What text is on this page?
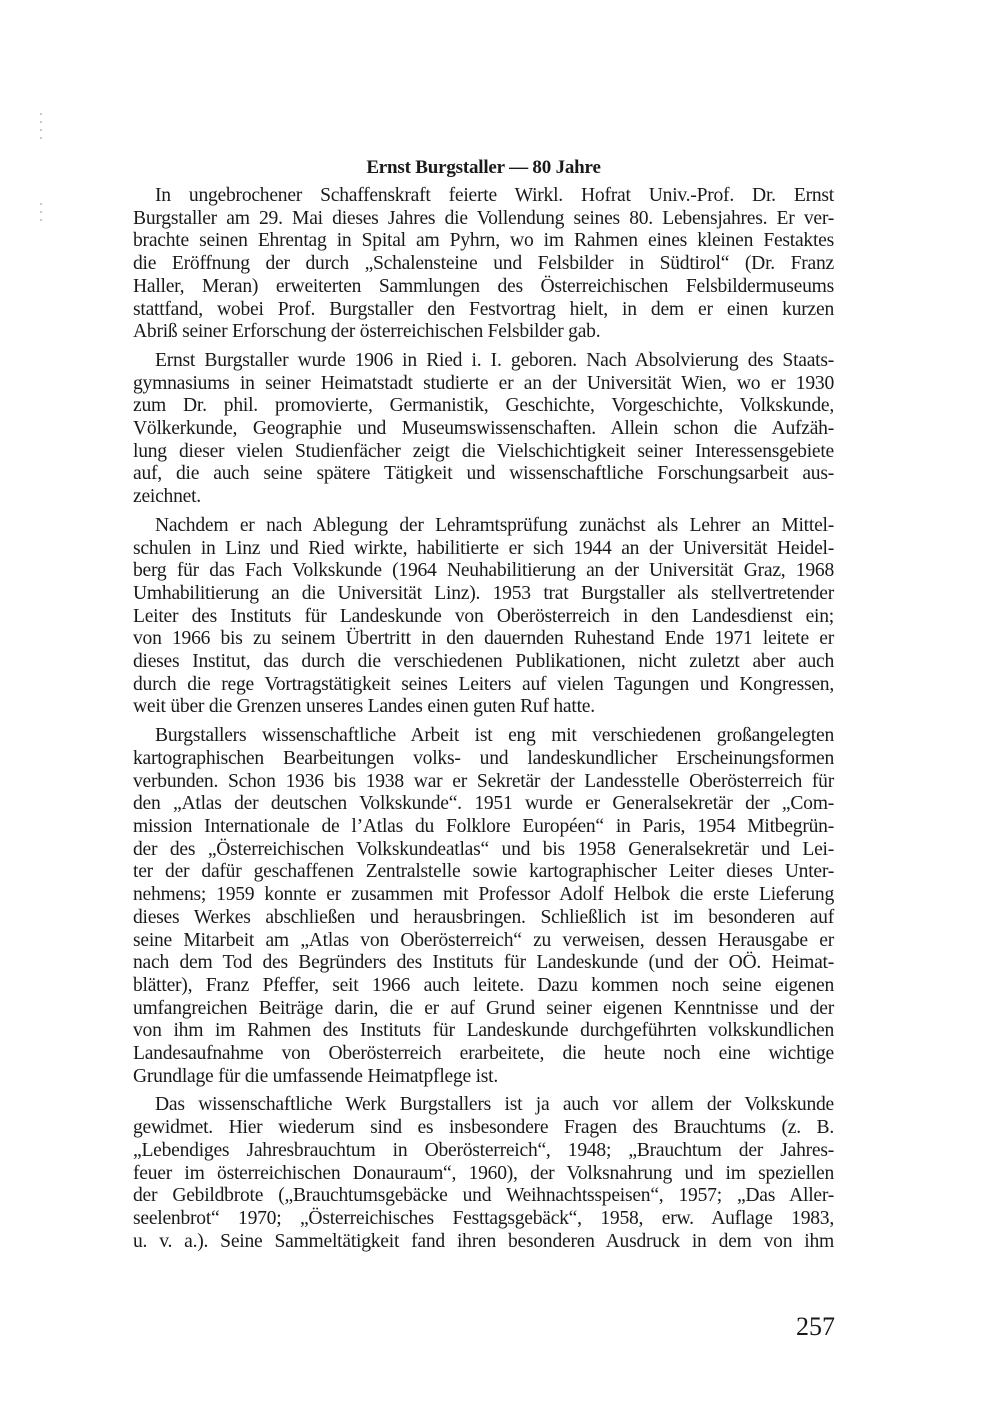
Ernst Burgstaller — 80 Jahre

In ungebrochener Schaffenskraft feierte Wirkl. Hofrat Univ.-Prof. Dr. Ernst
Burgstaller am 29. Mai dieses Jahres die Vollendung seines 80. Lebensjahres. Er ver-
brachte seinen Ehrentag in Spital am Pyhrn, wo im Rahmen eines kleinen Festaktes
die Eröffnung der durch „Schalensteine und Felsbilder in Südtirol“ (Dr. Franz
Haller, Meran) erweiterten Sammlungen des Österreichischen Felsbildermuseums
stattfand, wobei Prof. Burgstaller den Festvortrag hielt, in dem er einen kurzen
Abriß seiner Erforschung der österreichischen Felsbilder gab.

Ernst Burgstaller wurde 1906 in Ried i. I. geboren. Nach Absolvierung des Staats-
gymnasiums in seiner Heimatstadt studierte er an der Universität Wien, wo er 1930
zum Dr. phil. promovierte, Germanistik, Geschichte, Vorgeschichte, Volkskunde,
Völkerkunde, Geographie und Museumswissenschaften. Allein schon die Aufzäh-
lung dieser vielen Studienfächer zeigt die Vielschichtigkeit seiner Interessensgebiete
auf, die auch seine spätere Tätigkeit und wissenschaftliche Forschungsarbeit aus-
zeichnet.

Nachdem er nach Ablegung der Lehramtsprüfung zunächst als Lehrer an Mittel-
schulen in Linz und Ried wirkte, habilitierte er sich 1944 an der Universität Heidel-
berg für das Fach Volkskunde (1964 Neuhabilitierung an der Universität Graz, 1968
Umhabilitierung an die Universität Linz). 1953 trat Burgstaller als stellvertretender
Leiter des Instituts für Landeskunde von Oberösterreich in den Landesdienst ein;
von 1966 bis zu seinem Übertritt in den dauernden Ruhestand Ende 1971 leitete er
dieses Institut, das durch die verschiedenen Publikationen, nicht zuletzt aber auch
durch die rege Vortragstätigkeit seines Leiters auf vielen Tagungen und Kongressen,
weit über die Grenzen unseres Landes einen guten Ruf hatte.

Burgstallers wissenschaftliche Arbeit ist eng mit verschiedenen großangelegten
kartographischen Bearbeitungen volks- und landeskundlicher Erscheinungsformen
verbunden. Schon 1936 bis 1938 war er Sekretär der Landesstelle Oberösterreich für
den „Atlas der deutschen Volkskunde“. 1951 wurde er Generalsekretär der „Com-
mission Internationale de l’Atlas du Folklore Européen“ in Paris, 1954 Mitbegrün-
der des „Österreichischen Volkskundeatlas“ und bis 1958 Generalsekretär und Lei-
ter der dafür geschaffenen Zentralstelle sowie kartographischer Leiter dieses Unter-
nehmens; 1959 konnte er zusammen mit Professor Adolf Helbok die erste Lieferung
dieses Werkes abschließen und herausbringen. Schließlich ist im besonderen auf
seine Mitarbeit am „Atlas von Oberösterreich“ zu verweisen, dessen Herausgabe er
nach dem Tod des Begründers des Instituts für Landeskunde (und der OÖ. Heimat-
blätter), Franz Pfeffer, seit 1966 auch leitete. Dazu kommen noch seine eigenen
umfangreichen Beiträge darin, die er auf Grund seiner eigenen Kenntnisse und der
von ihm im Rahmen des Instituts für Landeskunde durchgeführten volkskundlichen
Landesaufnahme von Oberösterreich erarbeitete, die heute noch eine wichtige
Grundlage für die umfassende Heimatpflege ist.

Das wissenschaftliche Werk Burgstallers ist ja auch vor allem der Volkskunde
gewidmet. Hier wiederum sind es insbesondere Fragen des Brauchtums (z. B.
„Lebendiges Jahresbrauchtum in Oberösterreich“, 1948; „Brauchtum der Jahres-
feuer im österreichischen Donauraum“, 1960), der Volksnahrung und im speziellen
der Gebildbrote („Brauchtumsgebäcke und Weihnachtsspeisen“, 1957; „Das Aller-
seelenbrot“ 1970; „Österreichisches Festtagsgebäck“, 1958, erw. Auflage 1983,
u. v. a.). Seine Sammeltätigkeit fand ihren besonderen Ausdruck in dem von ihm

257
